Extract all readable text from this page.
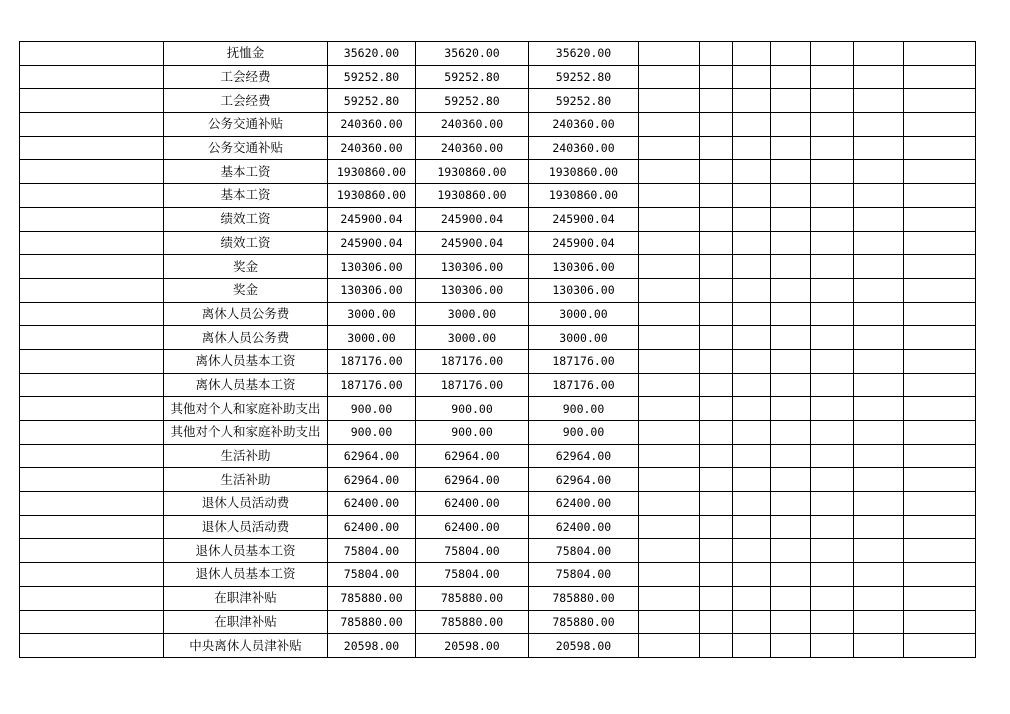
	抚恤金	35620.00	35620.00	35620.00							
	工会经费	59252.80	59252.80	59252.80							
	工会经费	59252.80	59252.80	59252.80							
	公务交通补贴	240360.00	240360.00	240360.00							
	公务交通补贴	240360.00	240360.00	240360.00							
	基本工资	1930860.00	1930860.00	1930860.00							
	基本工资	1930860.00	1930860.00	1930860.00							
	绩效工资	245900.04	245900.04	245900.04							
	绩效工资	245900.04	245900.04	245900.04							
	奖金	130306.00	130306.00	130306.00							
	奖金	130306.00	130306.00	130306.00							
	离休人员公务费	3000.00	3000.00	3000.00							
	离休人员公务费	3000.00	3000.00	3000.00							
	离休人员基本工资	187176.00	187176.00	187176.00							
	离休人员基本工资	187176.00	187176.00	187176.00							
	其他对个人和家庭补助支出	900.00	900.00	900.00							
	其他对个人和家庭补助支出	900.00	900.00	900.00							
	生活补助	62964.00	62964.00	62964.00							
	生活补助	62964.00	62964.00	62964.00							
	退休人员活动费	62400.00	62400.00	62400.00							
	退休人员活动费	62400.00	62400.00	62400.00							
	退休人员基本工资	75804.00	75804.00	75804.00							
	退休人员基本工资	75804.00	75804.00	75804.00							
	在职津补贴	785880.00	785880.00	785880.00							
	在职津补贴	785880.00	785880.00	785880.00							
	中央离休人员津补贴	20598.00	20598.00	20598.00							
